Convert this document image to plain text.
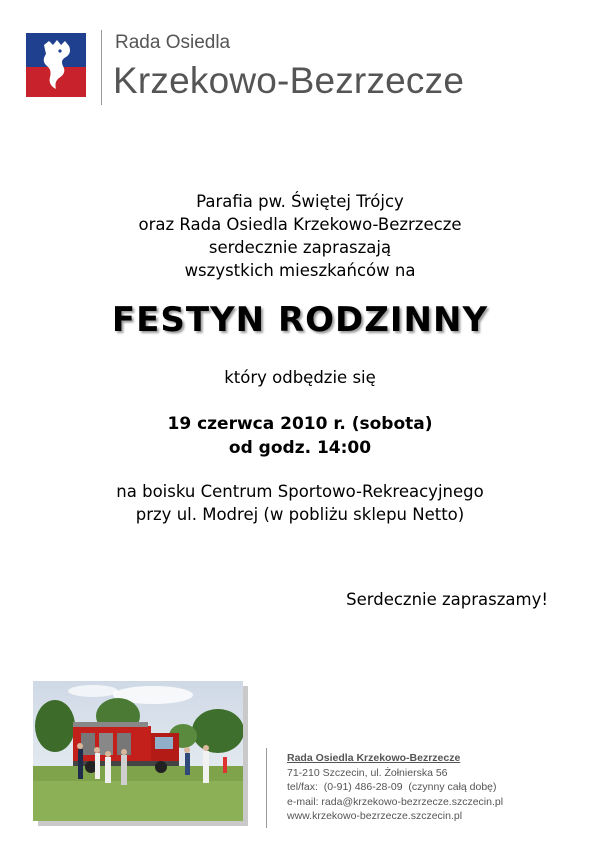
Rada Osiedla
Krzekowo-Bezrzecze
Parafia pw. Świętej Trójcy
oraz Rada Osiedla Krzekowo-Bezrzecze
serdecznie zapraszają
wszystkich mieszkańców na
FESTYN RODZINNY
który odbędzie się
19 czerwca 2010 r. (sobota)
od godz. 14:00
na boisku Centrum Sportowo-Rekreacyjnego
przy ul. Modrej (w pobliżu sklepu Netto)
Serdecznie zapraszamy!
Rada Osiedla Krzekowo-Bezrzecze
71-210 Szczecin, ul. Żołnierska 56
tel/fax:  (0-91) 486-28-09  (czynny całą dobę)
e-mail: rada@krzekowo-bezrzecze.szczecin.pl
www.krzekowo-bezrzecze.szczecin.pl
